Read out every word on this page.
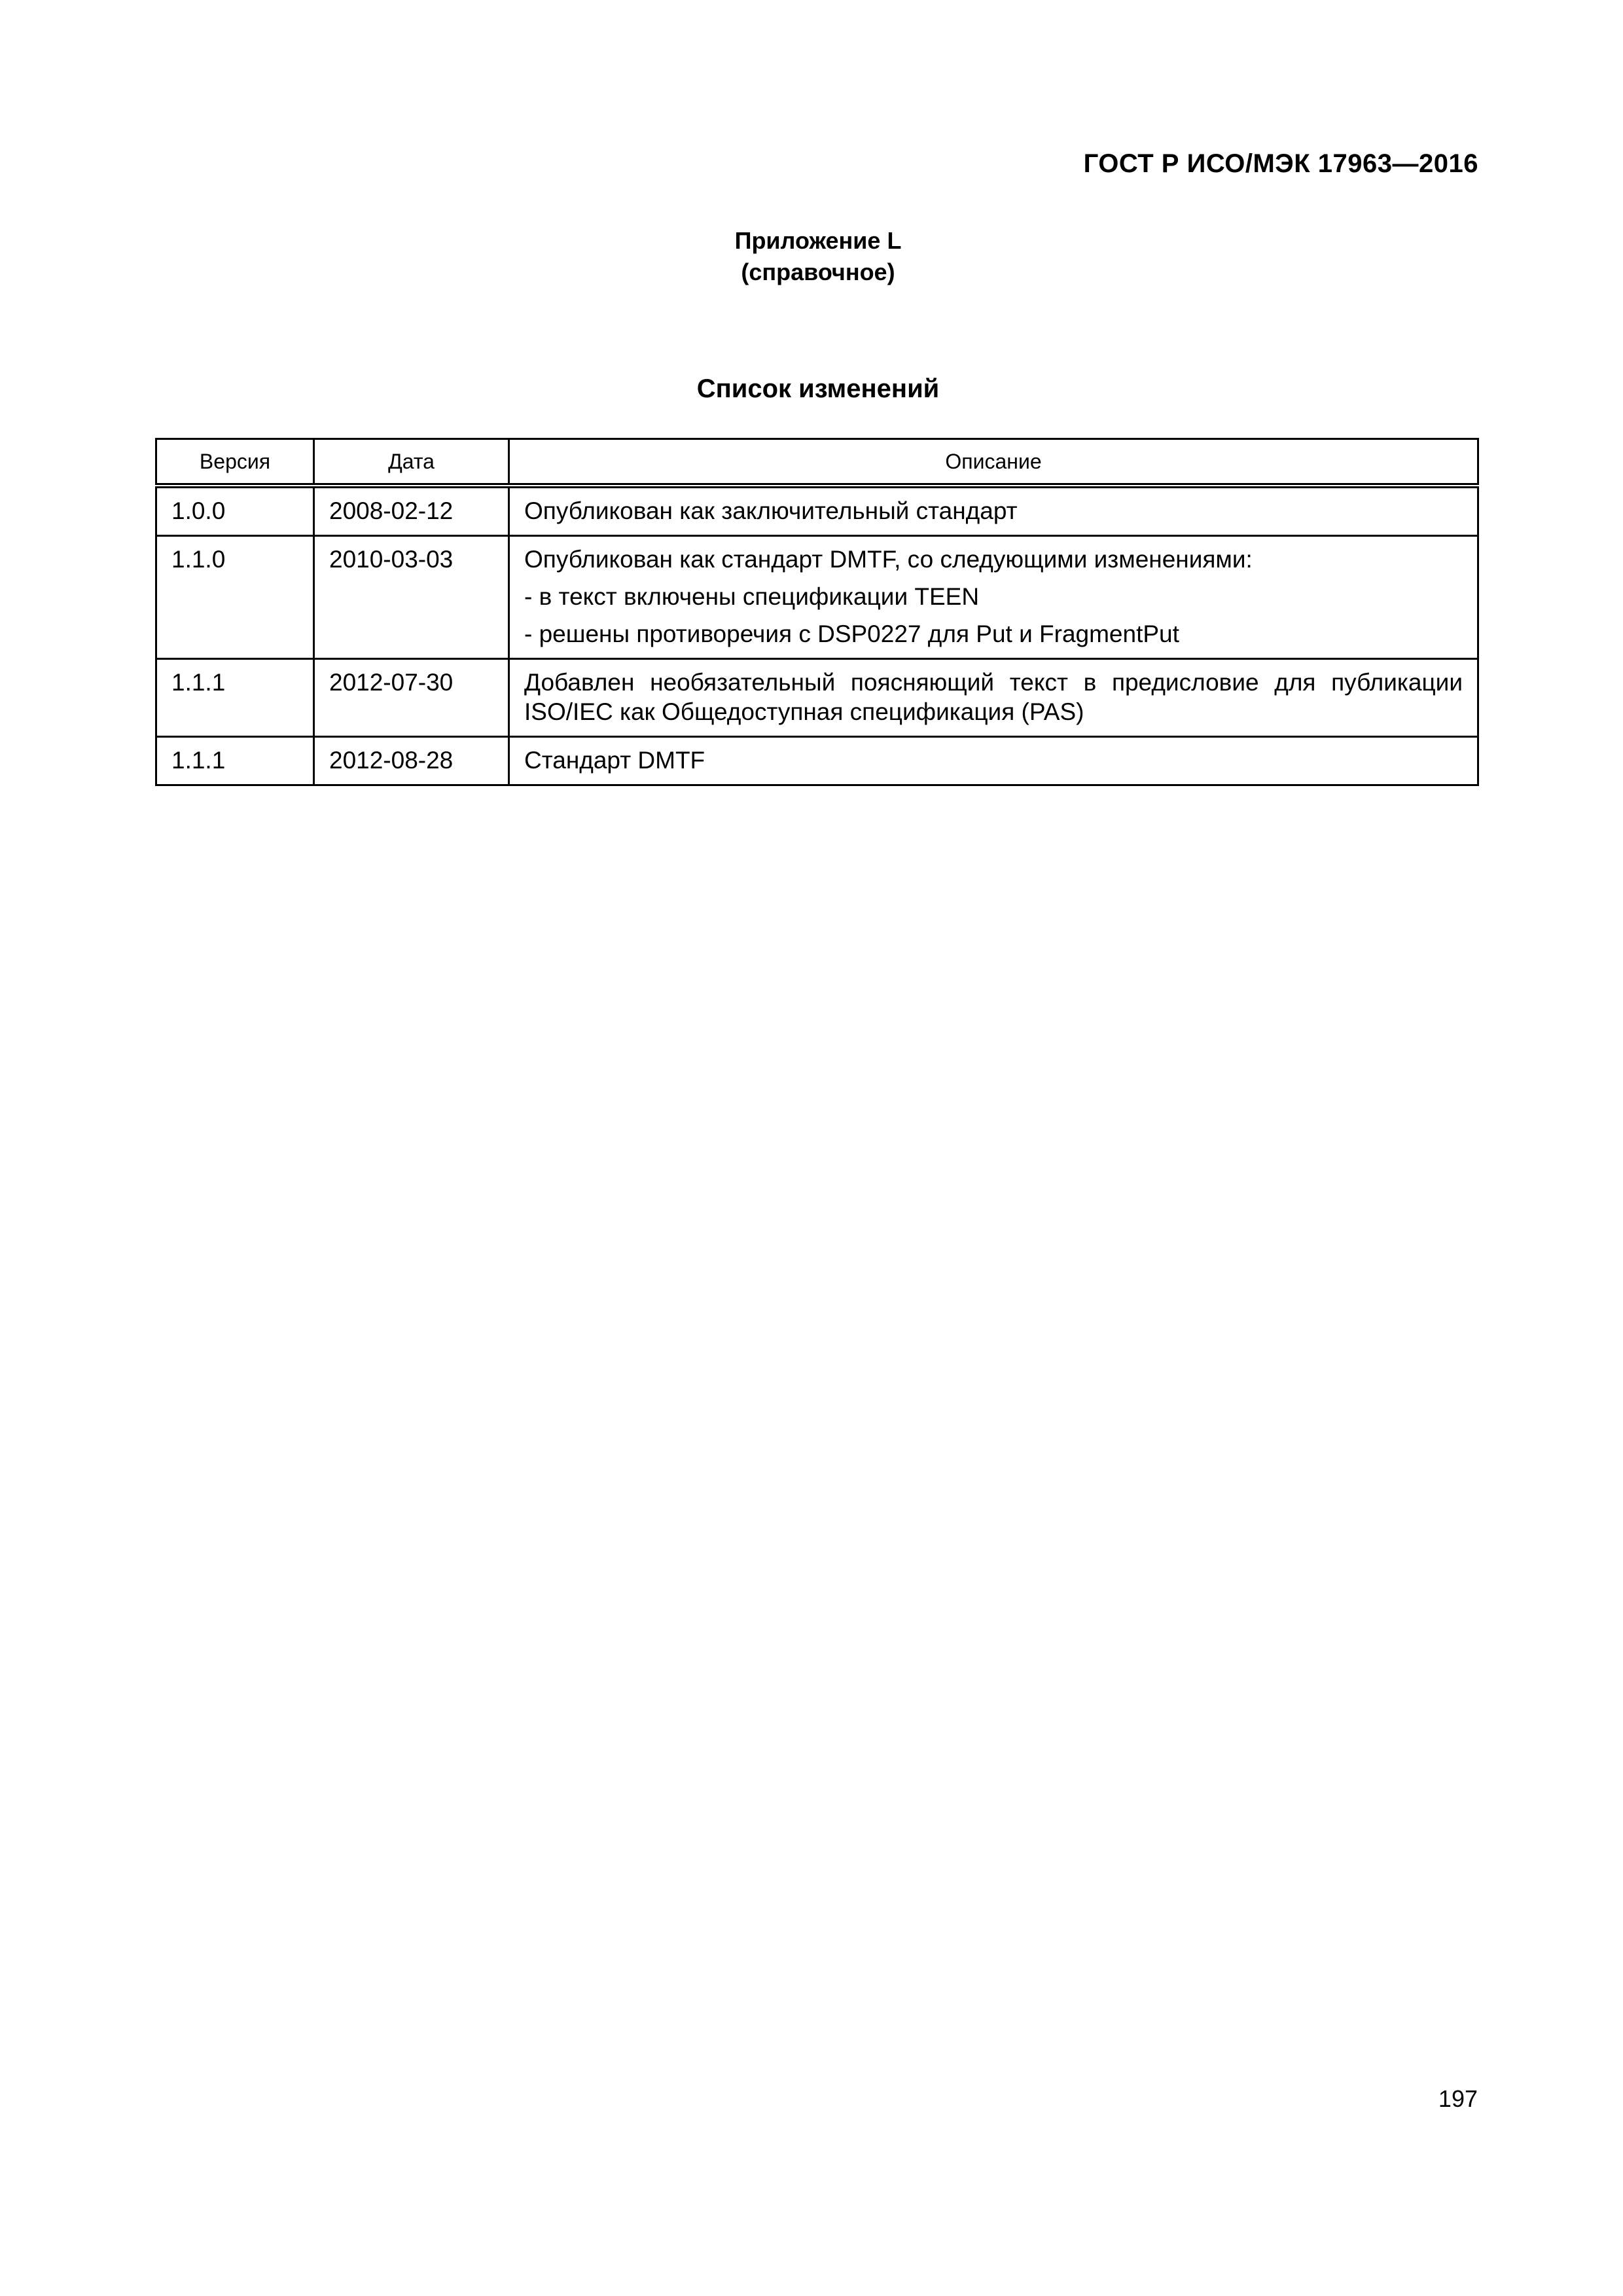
ГОСТ Р ИСО/МЭК 17963—2016
Приложение L
(справочное)
Список изменений
Версия	Дата	Описание
1.0.0	2008-02-12	Опубликован как заключительный стандарт

1.1.0	2010-03-03	Опубликован как стандарт DMTF, со следующими изменениями:
- в текст включены спецификации TEEN
- решены противоречия с DSP0227 для Put и FragmentPut

1.1.1	2012-07-30	Добавлен необязательный поясняющий текст в предисловие для публикации ISO/IEC как Общедоступная спецификация (PAS)

1.1.1	2012-08-28	Стандарт DMTF
197
